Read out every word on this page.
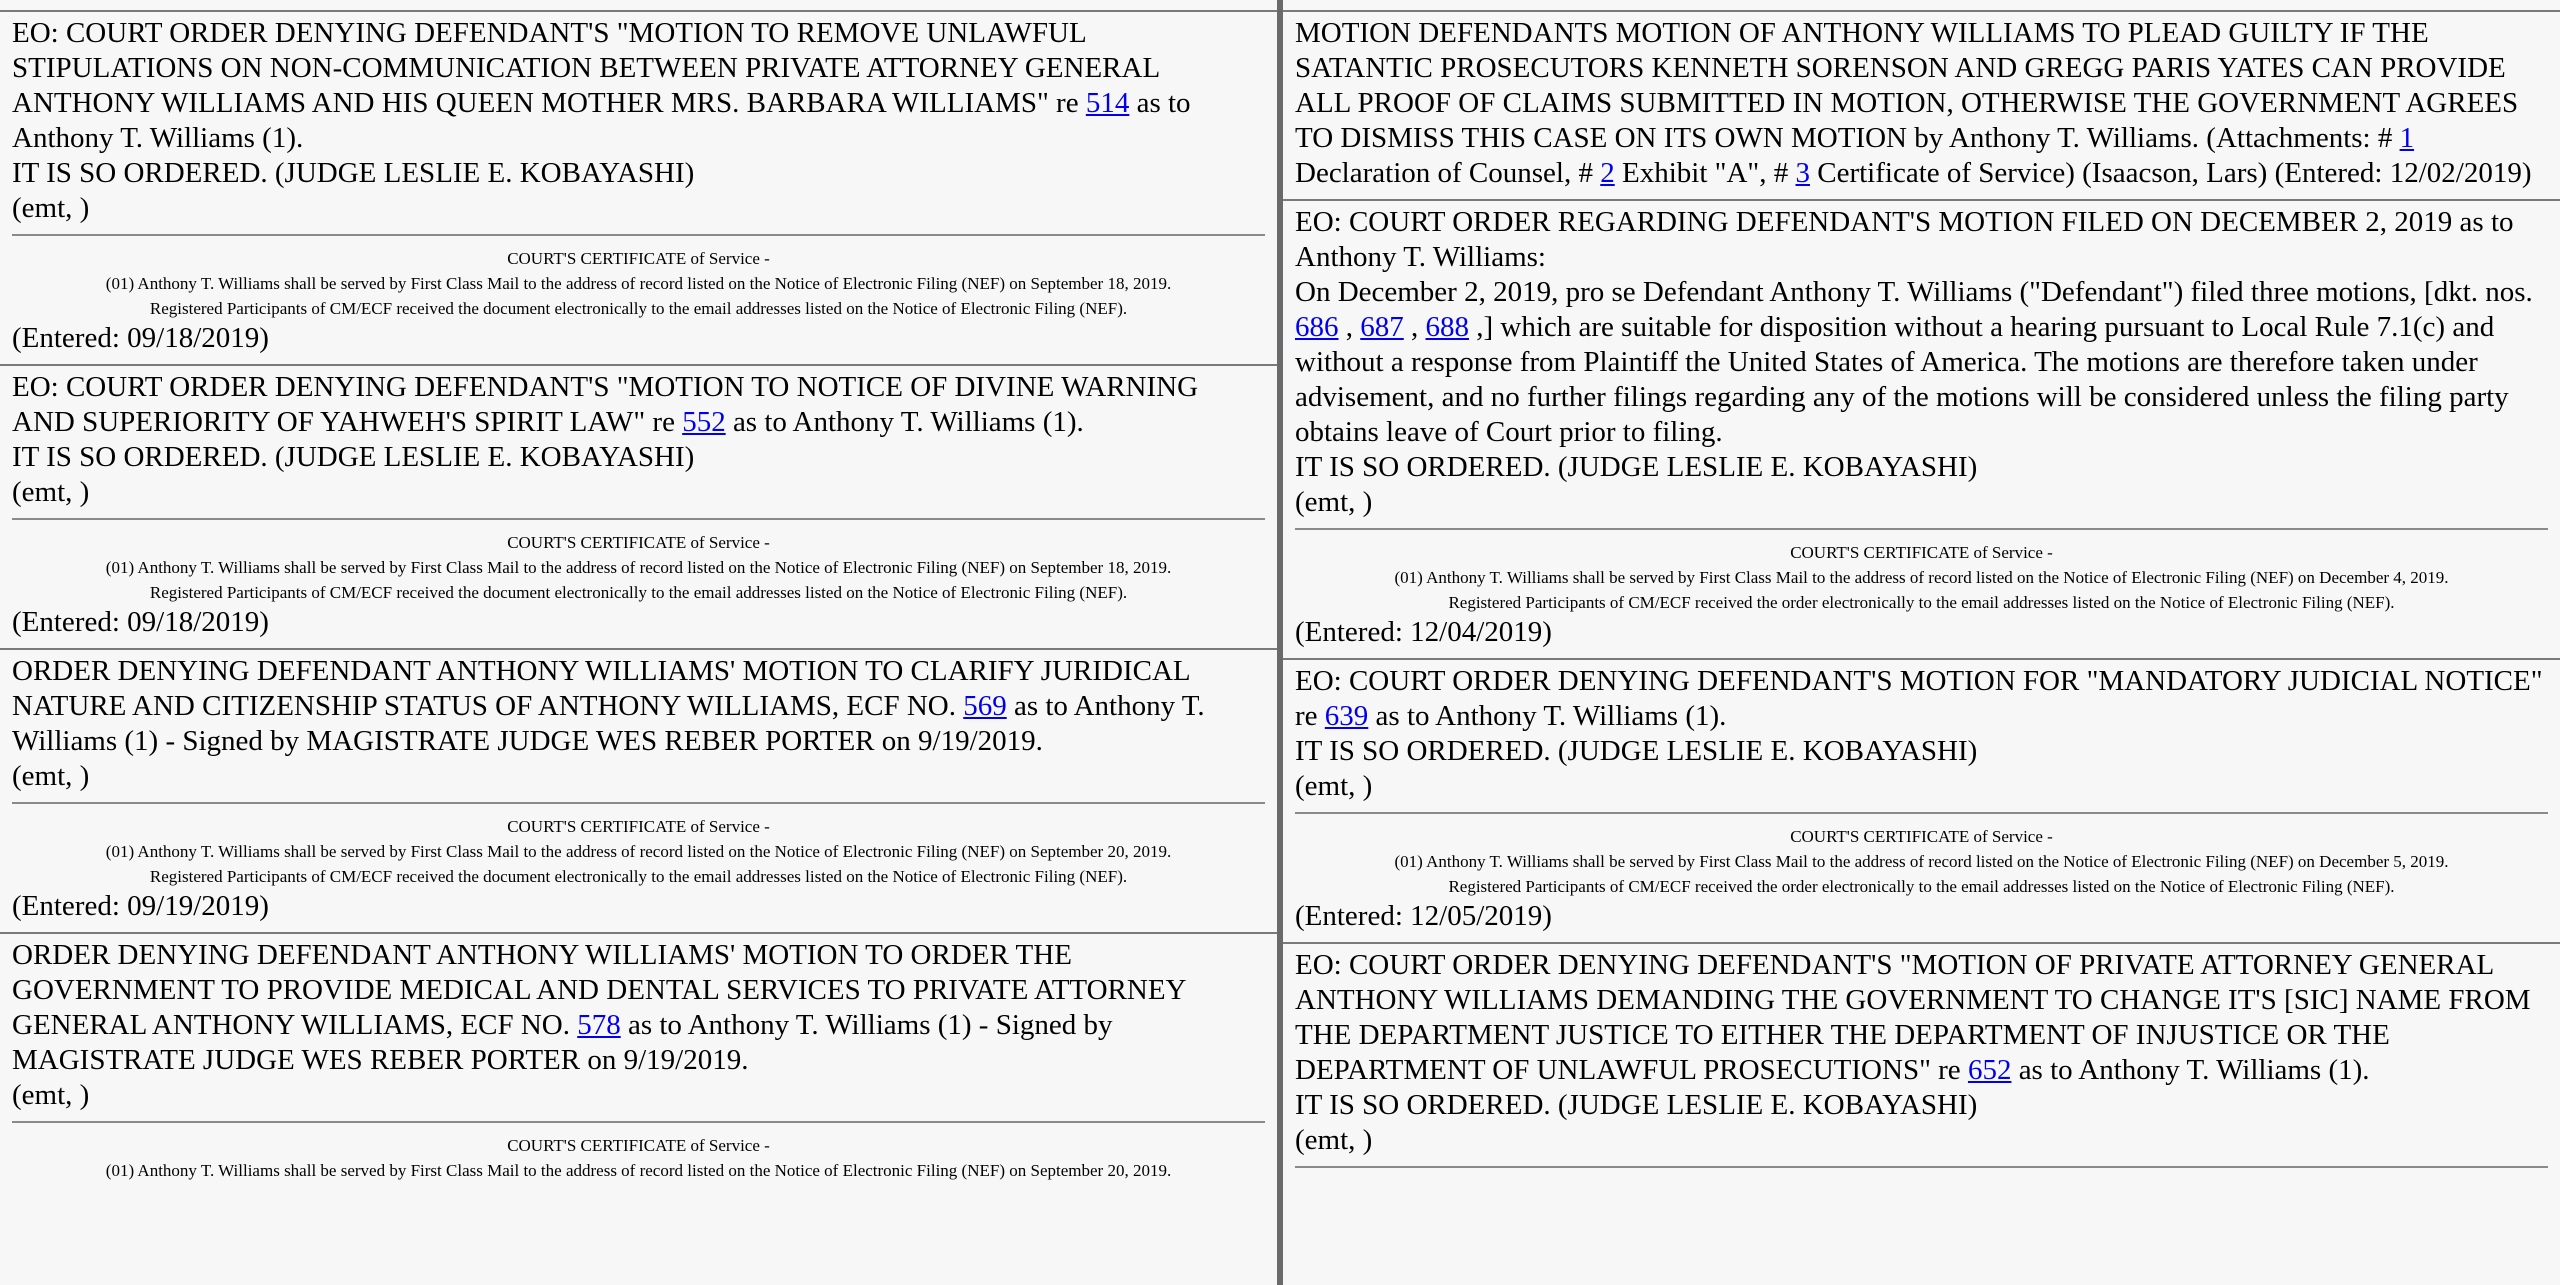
EO: COURT ORDER DENYING DEFENDANT'S "MOTION TO REMOVE UNLAWFUL STIPULATIONS ON NON-COMMUNICATION BETWEEN PRIVATE ATTORNEY GENERAL ANTHONY WILLIAMS AND HIS QUEEN MOTHER MRS. BARBARA WILLIAMS" re 514 as to Anthony T. Williams (1).

IT IS SO ORDERED. (JUDGE LESLIE E. KOBAYASHI)

(emt, )

COURT'S CERTIFICATE of Service -
(01) Anthony T. Williams shall be served by First Class Mail to the address of record listed on the Notice of Electronic Filing (NEF) on September 18, 2019.
Registered Participants of CM/ECF received the document electronically to the email addresses listed on the Notice of Electronic Filing (NEF).
(Entered: 09/18/2019)
EO: COURT ORDER DENYING DEFENDANT'S "MOTION TO NOTICE OF DIVINE WARNING AND SUPERIORITY OF YAHWEH'S SPIRIT LAW" re 552 as to Anthony T. Williams (1).

IT IS SO ORDERED. (JUDGE LESLIE E. KOBAYASHI)

(emt, )

COURT'S CERTIFICATE of Service -
(01) Anthony T. Williams shall be served by First Class Mail to the address of record listed on the Notice of Electronic Filing (NEF) on September 18, 2019.
Registered Participants of CM/ECF received the document electronically to the email addresses listed on the Notice of Electronic Filing (NEF).
(Entered: 09/18/2019)
ORDER DENYING DEFENDANT ANTHONY WILLIAMS' MOTION TO CLARIFY JURIDICAL NATURE AND CITIZENSHIP STATUS OF ANTHONY WILLIAMS, ECF NO. 569 as to Anthony T. Williams (1) - Signed by MAGISTRATE JUDGE WES REBER PORTER on 9/19/2019.

(emt, )

COURT'S CERTIFICATE of Service -
(01) Anthony T. Williams shall be served by First Class Mail to the address of record listed on the Notice of Electronic Filing (NEF) on September 20, 2019.
Registered Participants of CM/ECF received the document electronically to the email addresses listed on the Notice of Electronic Filing (NEF).
(Entered: 09/19/2019)
ORDER DENYING DEFENDANT ANTHONY WILLIAMS' MOTION TO ORDER THE GOVERNMENT TO PROVIDE MEDICAL AND DENTAL SERVICES TO PRIVATE ATTORNEY GENERAL ANTHONY WILLIAMS, ECF NO. 578 as to Anthony T. Williams (1) - Signed by MAGISTRATE JUDGE WES REBER PORTER on 9/19/2019.

(emt, )

COURT'S CERTIFICATE of Service -
(01) Anthony T. Williams shall be served by First Class Mail to the address of record listed on the Notice of Electronic Filing (NEF) on September 20, 2019.
MOTION DEFENDANTS MOTION OF ANTHONY WILLIAMS TO PLEAD GUILTY IF THE SATANTIC PROSECUTORS KENNETH SORENSON AND GREGG PARIS YATES CAN PROVIDE ALL PROOF OF CLAIMS SUBMITTED IN MOTION, OTHERWISE THE GOVERNMENT AGREES TO DISMISS THIS CASE ON ITS OWN MOTION by Anthony T. Williams. (Attachments: # 1 Declaration of Counsel, # 2 Exhibit "A", # 3 Certificate of Service) (Isaacson, Lars) (Entered: 12/02/2019)

EO: COURT ORDER REGARDING DEFENDANT'S MOTION FILED ON DECEMBER 2, 2019 as to Anthony T. Williams:

On December 2, 2019, pro se Defendant Anthony T. Williams ("Defendant") filed three motions, [dkt. nos. 686 , 687 , 688 ,] which are suitable for disposition without a hearing pursuant to Local Rule 7.1(c) and without a response from Plaintiff the United States of America. The motions are therefore taken under advisement, and no further filings regarding any of the motions will be considered unless the filing party obtains leave of Court prior to filing.

IT IS SO ORDERED. (JUDGE LESLIE E. KOBAYASHI)

(emt, )

COURT'S CERTIFICATE of Service -
(01) Anthony T. Williams shall be served by First Class Mail to the address of record listed on the Notice of Electronic Filing (NEF) on December 4, 2019.
Registered Participants of CM/ECF received the order electronically to the email addresses listed on the Notice of Electronic Filing (NEF).
(Entered: 12/04/2019)
EO: COURT ORDER DENYING DEFENDANT'S MOTION FOR "MANDATORY JUDICIAL NOTICE" re 639 as to Anthony T. Williams (1).

IT IS SO ORDERED. (JUDGE LESLIE E. KOBAYASHI)

(emt, )

COURT'S CERTIFICATE of Service -
(01) Anthony T. Williams shall be served by First Class Mail to the address of record listed on the Notice of Electronic Filing (NEF) on December 5, 2019.
Registered Participants of CM/ECF received the order electronically to the email addresses listed on the Notice of Electronic Filing (NEF).
(Entered: 12/05/2019)
EO: COURT ORDER DENYING DEFENDANT'S "MOTION OF PRIVATE ATTORNEY GENERAL ANTHONY WILLIAMS DEMANDING THE GOVERNMENT TO CHANGE IT'S [SIC] NAME FROM THE DEPARTMENT JUSTICE TO EITHER THE DEPARTMENT OF INJUSTICE OR THE DEPARTMENT OF UNLAWFUL PROSECUTIONS" re 652 as to Anthony T. Williams (1).

IT IS SO ORDERED. (JUDGE LESLIE E. KOBAYASHI)

(emt, )
